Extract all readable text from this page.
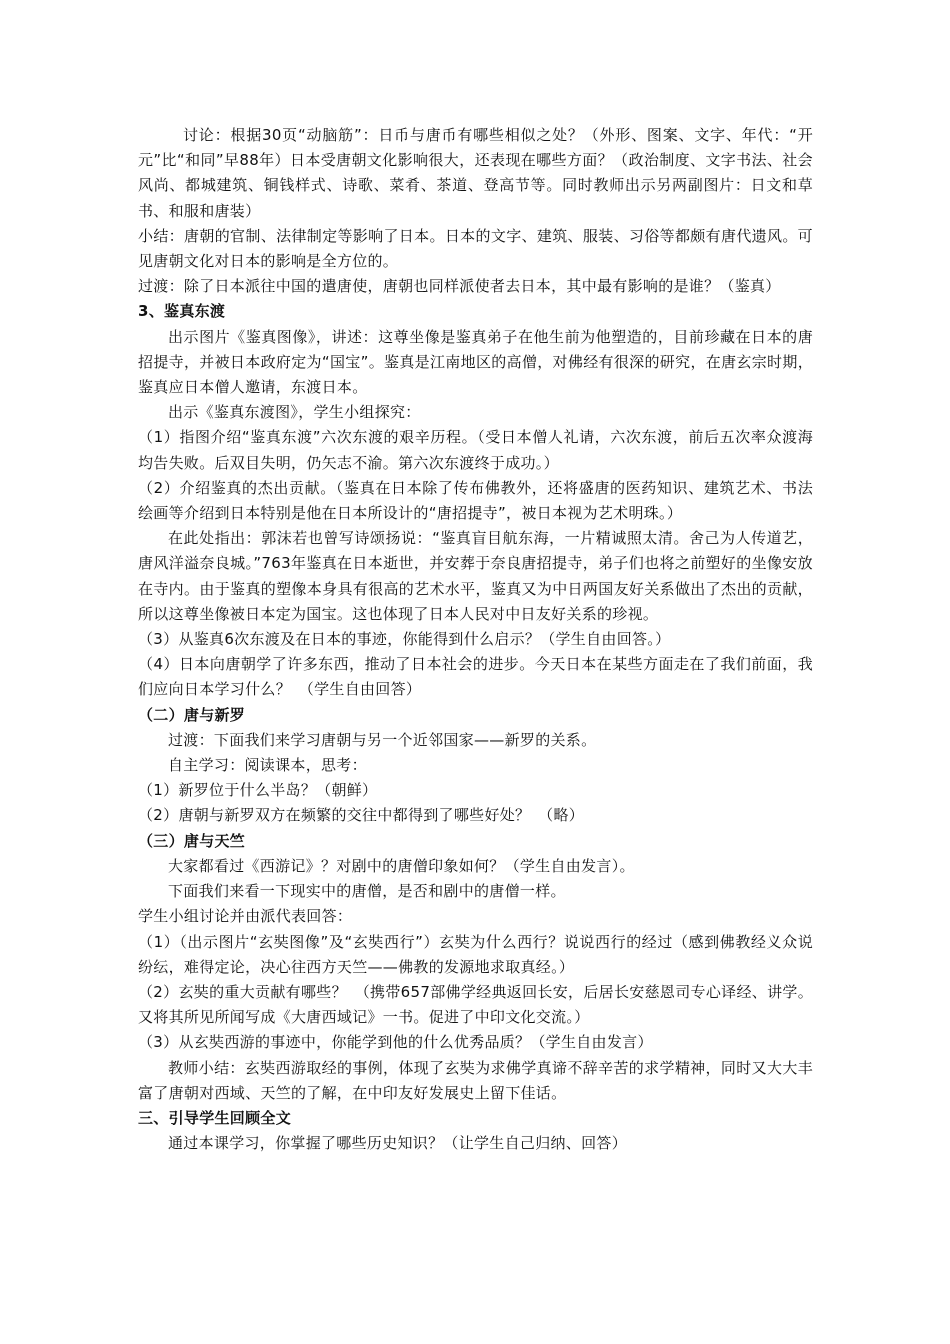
讨论：根据30页“动脑筋”：日币与唐币有哪些相似之处？（外形、图案、文字、年代：“开元”比“和同”早88年）日本受唐朝文化影响很大，还表现在哪些方面？（政治制度、文字书法、社会风尚、都城建筑、铜钱样式、诗歌、菜肴、茶道、登高节等。同时教师出示另两副图片：日文和草书、和服和唐装）

小结：唐朝的官制、法律制定等影响了日本。日本的文字、建筑、服装、习俗等都颇有唐代遗风。可见唐朝文化对日本的影响是全方位的。

过渡：除了日本派往中国的遣唐使，唐朝也同样派使者去日本，其中最有影响的是谁？（鉴真）

3、鉴真东渡

出示图片《鉴真图像》，讲述：这尊坐像是鉴真弟子在他生前为他塑造的，目前珍藏在日本的唐招提寺，并被日本政府定为“国宝”。鉴真是江南地区的高僧，对佛经有很深的研究，在唐玄宗时期，鉴真应日本僧人邀请，东渡日本。

出示《鉴真东渡图》，学生小组探究：

（1）指图介绍“鉴真东渡”六次东渡的艰辛历程。（受日本僧人礼请，六次东渡，前后五次率众渡海均告失败。后双目失明，仍矢志不渝。第六次东渡终于成功。）

（2）介绍鉴真的杰出贡献。（鉴真在日本除了传布佛教外，还将盛唐的医药知识、建筑艺术、书法绘画等介绍到日本特别是他在日本所设计的“唐招提寺”，被日本视为艺术明珠。）

在此处指出：郭沫若也曾写诗颂扬说：“鉴真盲目航东海，一片精诚照太清。舍己为人传道艺，唐风洋溢奈良城。”763年鉴真在日本逝世，并安葬于奈良唐招提寺，弟子们也将之前塑好的坐像安放在寺内。由于鉴真的塑像本身具有很高的艺术水平，鉴真又为中日两国友好关系做出了杰出的贡献，所以这尊坐像被日本定为国宝。这也体现了日本人民对中日友好关系的珍视。

（3）从鉴真6次东渡及在日本的事迹，你能得到什么启示？（学生自由回答。）

（4）日本向唐朝学了许多东西，推动了日本社会的进步。今天日本在某些方面走在了我们前面，我们应向日本学习什么？　（学生自由回答）

（二）唐与新罗

过渡：下面我们来学习唐朝与另一个近邻国家——新罗的关系。

自主学习：阅读课本，思考：

（1）新罗位于什么半岛？（朝鲜）

（2）唐朝与新罗双方在频繁的交往中都得到了哪些好处？　（略）

（三）唐与天竺

大家都看过《西游记》？对剧中的唐僧印象如何？（学生自由发言）。

下面我们来看一下现实中的唐僧，是否和剧中的唐僧一样。

学生小组讨论并由派代表回答：

（1）（出示图片“玄奘图像”及“玄奘西行”）玄奘为什么西行？说说西行的经过（感到佛教经义众说纷纭，难得定论，决心往西方天竺——佛教的发源地求取真经。）

（2）玄奘的重大贡献有哪些？　（携带657部佛学经典返回长安，后居长安慈恩司专心译经、讲学。又将其所见所闻写成《大唐西域记》一书。促进了中印文化交流。）

（3）从玄奘西游的事迹中，你能学到他的什么优秀品质？（学生自由发言）

教师小结：玄奘西游取经的事例，体现了玄奘为求佛学真谛不辞辛苦的求学精神，同时又大大丰富了唐朝对西域、天竺的了解，在中印友好发展史上留下佳话。

三、引导学生回顾全文

通过本课学习，你掌握了哪些历史知识？（让学生自己归纳、回答）
